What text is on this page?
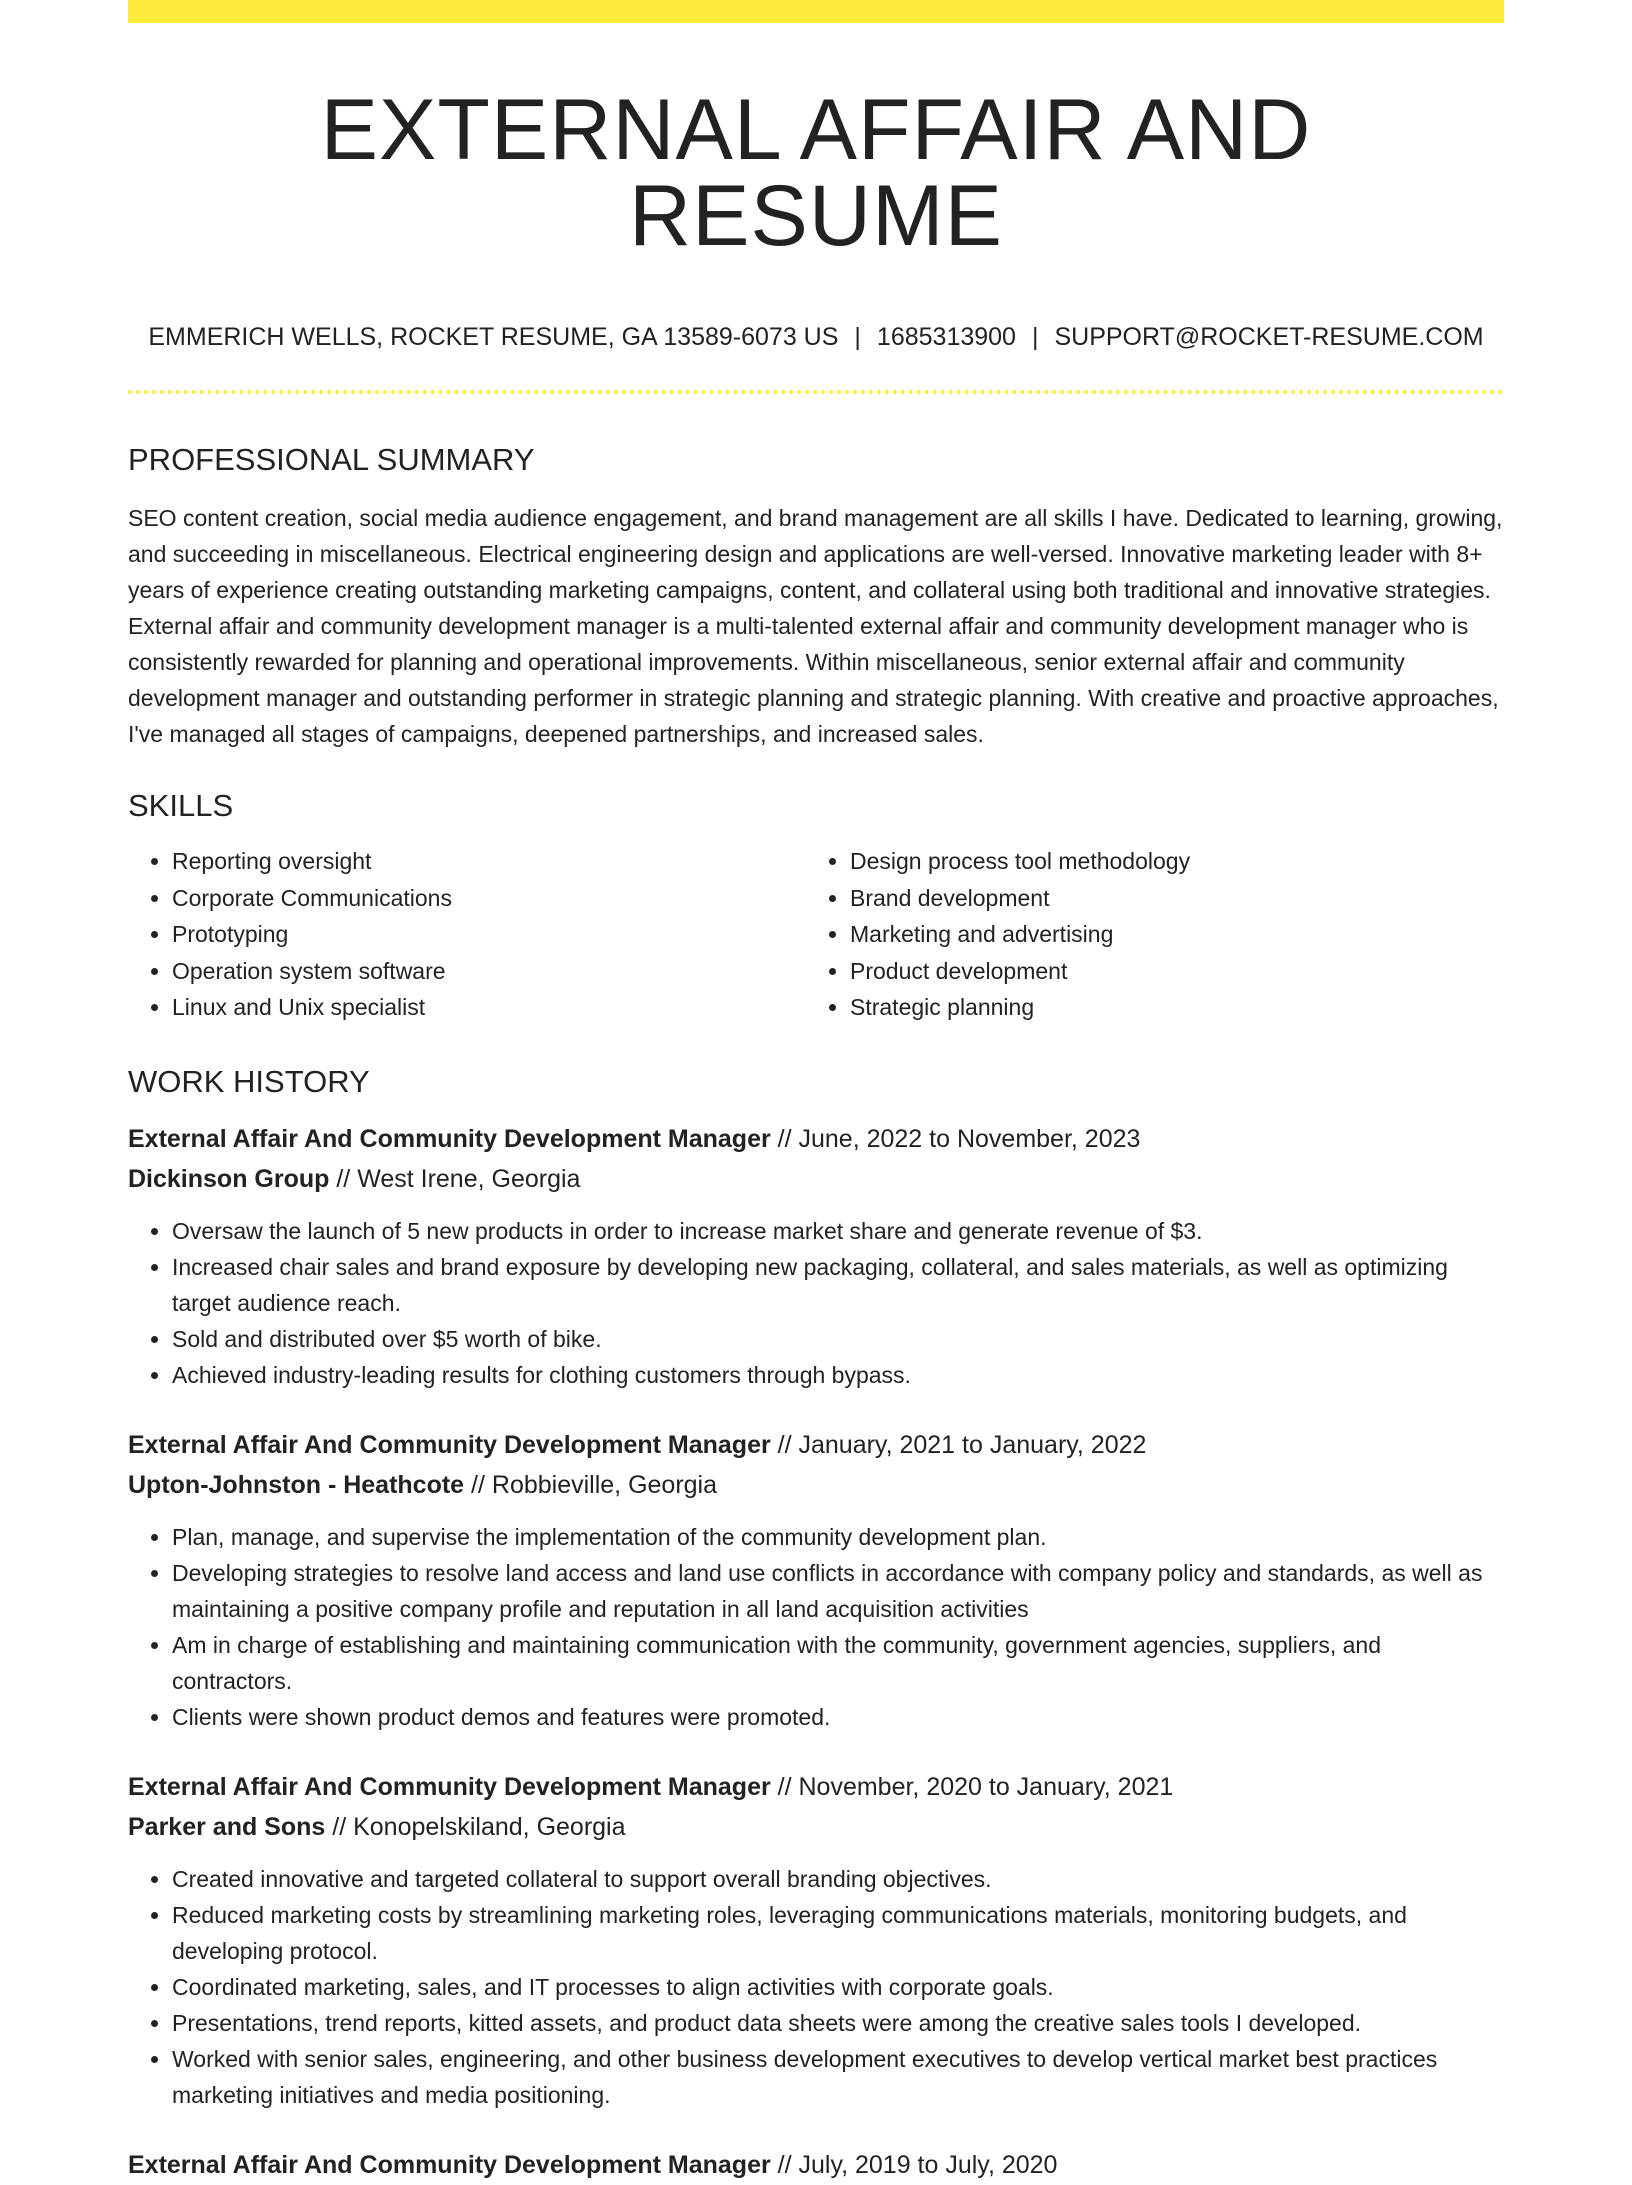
EXTERNAL AFFAIR AND RESUME
EMMERICH WELLS, ROCKET RESUME, GA 13589-6073 US | 1685313900 | SUPPORT@ROCKET-RESUME.COM
PROFESSIONAL SUMMARY

SEO content creation, social media audience engagement, and brand management are all skills I have. Dedicated to learning, growing, and succeeding in miscellaneous. Electrical engineering design and applications are well-versed. Innovative marketing leader with 8+ years of experience creating outstanding marketing campaigns, content, and collateral using both traditional and innovative strategies. External affair and community development manager is a multi-talented external affair and community development manager who is consistently rewarded for planning and operational improvements. Within miscellaneous, senior external affair and community development manager and outstanding performer in strategic planning and strategic planning. With creative and proactive approaches, I've managed all stages of campaigns, deepened partnerships, and increased sales.

SKILLS
• Reporting oversight
• Corporate Communications
• Prototyping
• Operation system software
• Linux and Unix specialist
• Design process tool methodology
• Brand development
• Marketing and advertising
• Product development
• Strategic planning
WORK HISTORY
External Affair And Community Development Manager // June, 2022 to November, 2023
Dickinson Group // West Irene, Georgia
• Oversaw the launch of 5 new products in order to increase market share and generate revenue of $3.
• Increased chair sales and brand exposure by developing new packaging, collateral, and sales materials, as well as optimizing target audience reach.
• Sold and distributed over $5 worth of bike.
• Achieved industry-leading results for clothing customers through bypass.
External Affair And Community Development Manager // January, 2021 to January, 2022
Upton-Johnston - Heathcote // Robbieville, Georgia
• Plan, manage, and supervise the implementation of the community development plan.
• Developing strategies to resolve land access and land use conflicts in accordance with company policy and standards, as well as maintaining a positive company profile and reputation in all land acquisition activities
• Am in charge of establishing and maintaining communication with the community, government agencies, suppliers, and contractors.
• Clients were shown product demos and features were promoted.
External Affair And Community Development Manager // November, 2020 to January, 2021
Parker and Sons // Konopelskiland, Georgia
• Created innovative and targeted collateral to support overall branding objectives.
• Reduced marketing costs by streamlining marketing roles, leveraging communications materials, monitoring budgets, and developing protocol.
• Coordinated marketing, sales, and IT processes to align activities with corporate goals.
• Presentations, trend reports, kitted assets, and product data sheets were among the creative sales tools I developed.
• Worked with senior sales, engineering, and other business development executives to develop vertical market best practices marketing initiatives and media positioning.
External Affair And Community Development Manager // July, 2019 to July, 2020
